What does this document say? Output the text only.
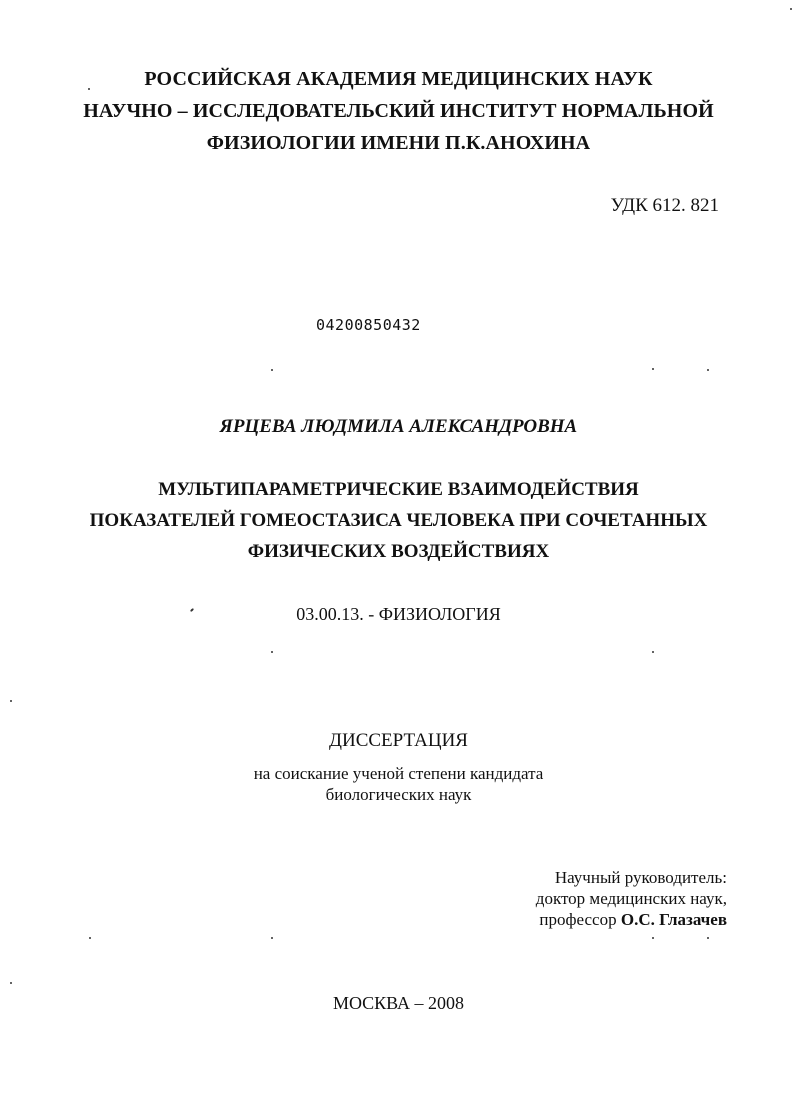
РОССИЙСКАЯ АКАДЕМИЯ МЕДИЦИНСКИХ НАУК
НАУЧНО – ИССЛЕДОВАТЕЛЬСКИЙ ИНСТИТУТ НОРМАЛЬНОЙ
ФИЗИОЛОГИИ ИМЕНИ П.К.АНОХИНА
УДК 612. 821
04200850432
ЯРЦЕВА ЛЮДМИЛА АЛЕКСАНДРОВНА
МУЛЬТИПАРАМЕТРИЧЕСКИЕ ВЗАИМОДЕЙСТВИЯ
ПОКАЗАТЕЛЕЙ ГОМЕОСТАЗИСА ЧЕЛОВЕКА ПРИ СОЧЕТАННЫХ
ФИЗИЧЕСКИХ ВОЗДЕЙСТВИЯХ
03.00.13. - ФИЗИОЛОГИЯ
ДИССЕРТАЦИЯ
на соискание ученой степени кандидата
биологических наук
Научный руководитель:
доктор медицинских наук,
профессор О.С. Глазачев
МОСКВА – 2008
